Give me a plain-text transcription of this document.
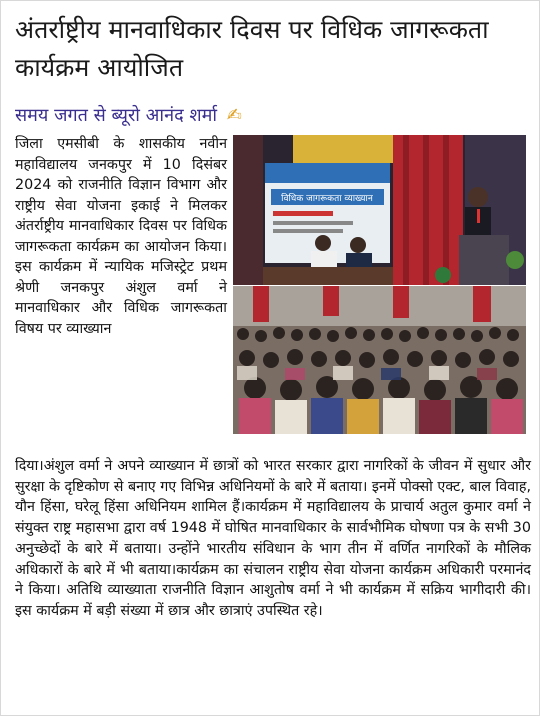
अंतर्राष्ट्रीय मानवाधिकार दिवस पर विधिक जागरूकता कार्यक्रम आयोजित
समय जगत से ब्यूरो आनंद शर्मा ✍

जिला एमसीबी के शासकीय नवीन महाविद्यालय जनकपुर में 10 दिसंबर 2024 को राजनीति विज्ञान विभाग और राष्ट्रीय सेवा योजना इकाई ने मिलकर अंतर्राष्ट्रीय मानवाधिकार दिवस पर विधिक जागरूकता कार्यक्रम का आयोजन किया। इस कार्यक्रम में न्यायिक मजिस्ट्रेट प्रथम श्रेणी जनकपुर अंशुल वर्मा ने मानवाधिकार और विधिक जागरूकता विषय पर व्याख्यान

विधिक जागरूकता व्याख्यान

दिया।अंशुल वर्मा ने अपने व्याख्यान में छात्रों को भारत सरकार द्वारा नागरिकों के जीवन में सुधार और सुरक्षा के दृष्टिकोण से बनाए गए विभिन्न अधिनियमों के बारे में बताया। इनमें पोक्सो एक्ट, बाल विवाह, यौन हिंसा, घरेलू हिंसा अधिनियम शामिल हैं।कार्यक्रम में महाविद्यालय के प्राचार्य अतुल कुमार वर्मा ने संयुक्त राष्ट्र महासभा द्वारा वर्ष 1948 में घोषित मानवाधिकार के सार्वभौमिक घोषणा पत्र के सभी 30 अनुच्छेदों के बारे में बताया। उन्होंने भारतीय संविधान के भाग तीन में वर्णित नागरिकों के मौलिक अधिकारों के बारे में भी बताया।कार्यक्रम का संचालन राष्ट्रीय सेवा योजना कार्यक्रम अधिकारी परमानंद ने किया। अतिथि व्याख्याता राजनीति विज्ञान आशुतोष वर्मा ने भी कार्यक्रम में सक्रिय भागीदारी की।इस कार्यक्रम में बड़ी संख्या में छात्र और छात्राएं उपस्थित रहे।
